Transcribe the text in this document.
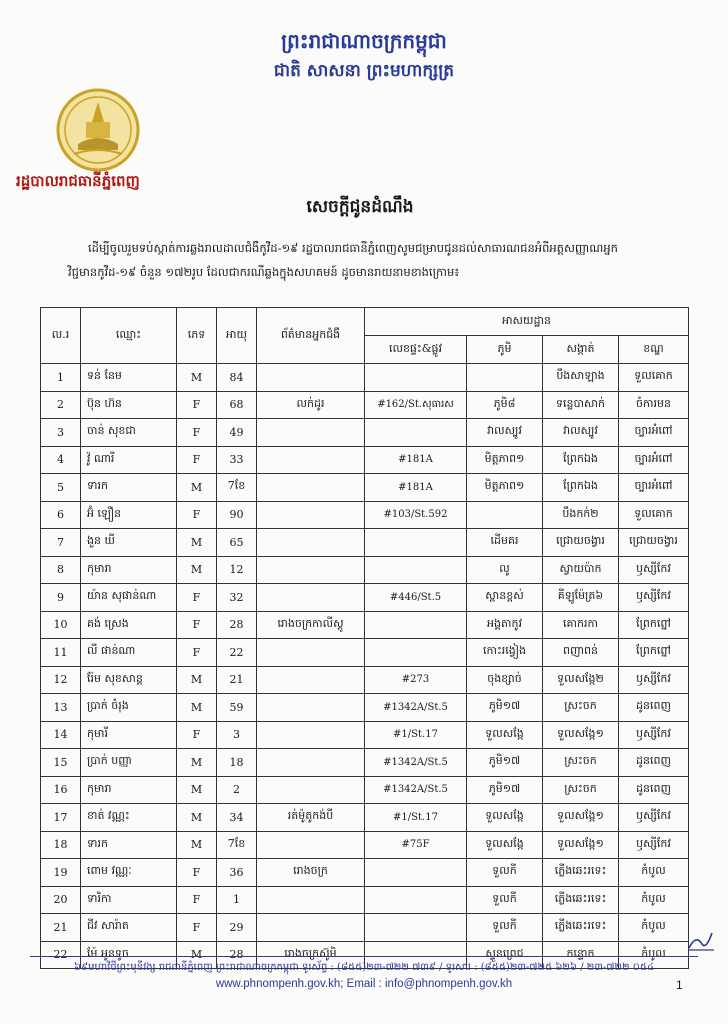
ព្រះរាជាណាចក្រកម្ពុជា
ជាតិ សាសនា ព្រះមហាក្សត្រ
រដ្ឋបាលរាជធានីភ្នំពេញ
សេចក្តីជូនដំណឹង
ដើម្បីចូលរួមទប់ស្កាត់ការឆ្លងរាលដាលជំងឺកូវីដ-១៩ រដ្ឋបាលរាជធានីភ្នំពេញសូមជម្រាបជូនដល់សាធារណជនអំពីអត្តសញ្ញាណអ្នកវិជ្ជមានកូវីដ-១៩ ចំនួន ១៧២រូប ដែលជាករណីឆ្លងក្នុងសហគមន៍ ដូចមានរាយនាមខាងក្រោម៖
ល.រ	ឈ្មោះ	ភេទ	អាយុ	ព័ត៌មានអ្នកជំងឺ	អាសយដ្ឋាន			
					លេខផ្ទះ&ផ្លូវ	ភូមិ	សង្កាត់	ខណ្ឌ
1	ទន់ នែម	M	84				បឹងសាឡាង	ទួលគោក
2	ប៊ុន ហ៊ន	F	68	លក់ដូរ	#162/St.សុធារស	ភូមិ៨	ទន្លេបាសាក់	ចំការមន
3	ចាន់ សុខជា	F	49			វាលស្បូវ	វាលស្បូវ	ច្បារអំពៅ
4	វ៉ូ ណារី	F	33		#181A	មិត្តភាព១	ព្រែកឯង	ច្បារអំពៅ
5	ទារក	M	7ខែ		#181A	មិត្តភាព១	ព្រែកឯង	ច្បារអំពៅ
6	អ៊ំ ឡឿន	F	90		#103/St.592		បឹងកក់២	ទួលគោក
7	ងួន ឃី	M	65			ដើមគរ	ជ្រោយចង្វារ	ជ្រោយចង្វារ
8	កុមារា	M	12			លូ	ស្វាយប៉ាក	ឫស្សីកែវ
9	យ៉ាន សុផាន់ណា	F	32		#446/St.5	ស្ពានខ្ពស់	គីឡូម៉ែត្រ៦	ឫស្សីកែវ
10	គង់ ស្រេង	F	28	រោងចក្រកាលីស្តូ		អង្គតាកូវ	គោករកា	ព្រែកព្នៅ
11	លី ផាន់ណា	F	22			កោះរង្វៀង	ពញាពន់	ព្រែកព្នៅ
12	រ៉ែម សុខសាន្ត	M	21		#273	ចុងខ្សាច់	ទួលសង្កែ២	ឫស្សីកែវ
13	ប្រាក់ ចំរុង	M	59		#1342A/St.5	ភូមិ១៧	ស្រះចក	ដូនពេញ
14	កុមារី	F	3		#1/St.17	ទួលសង្កែ	ទួលសង្កែ១	ឫស្សីកែវ
15	ប្រាក់ បញ្ញា	M	18		#1342A/St.5	ភូមិ១៧	ស្រះចក	ដូនពេញ
16	កុមារា	M	2		#1342A/St.5	ភូមិ១៧	ស្រះចក	ដូនពេញ
17	ខាត់ វណ្ណះ	M	34	រត់ម៉ូតូកង់បី	#1/St.17	ទួលសង្កែ	ទួលសង្កែ១	ឫស្សីកែវ
18	ទារក	M	7ខែ		#75F	ទួលសង្កែ	ទួលសង្កែ១	ឫស្សីកែវ
19	ពោម វណ្ណៈ	F	36	រោងចក្រ		ទួលកី	ភ្លើងឆេះរទេះ	កំបូល
20	ទារិកា	F	1			ទួលកី	ភ្លើងឆេះរទេះ	កំបូល
21	ជីវ សារ៉ាត	F	29			ទួលកី	ភ្លើងឆេះរទេះ	កំបូល
22	ម៉ែ អូនទូច	M	28	រោងចក្រស៊ូមិ		ស្ទួនព្រេជ	កន្ទោក	កំបូល
៦៩មហាវិថីព្រះមុនីវង្ស រាជធានីភ្នំពេញ ព្រះរាជាណាចក្រកម្ពុជា ទូរស័ព្ទ : (៨៥៥)២៣-៧២២ ៧៣៩ / ទូរសារ : (៨៥៥)២៣-៧២៥ ៦២៦ / ២៣-៧២២ ០៥៤
www.phnompenh.gov.kh; Email : info@phnompenh.gov.kh	1
